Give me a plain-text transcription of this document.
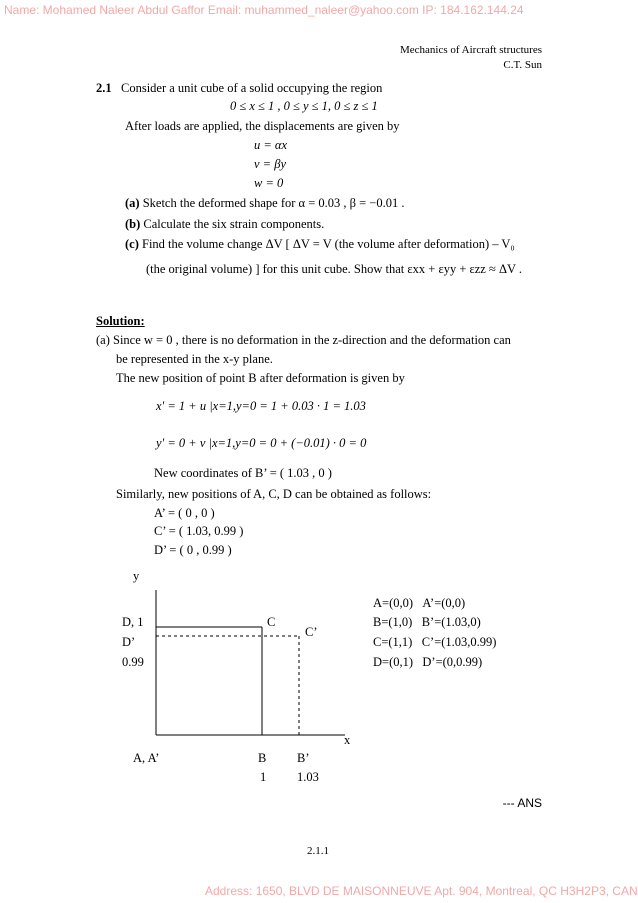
Name: Mohamed Naleer Abdul Gaffor Email: muhammed_naleer@yahoo.com IP: 184.162.144.24
Address: 1650, BLVD DE MAISONNEUVE Apt. 904, Montreal, QC H3H2P3, CAN
Mechanics of Aircraft structures
C.T. Sun
2.1 Consider a unit cube of a solid occupying the region
0 ≤ x ≤ 1 , 0 ≤ y ≤ 1, 0 ≤ z ≤ 1
After loads are applied, the displacements are given by
u = αx
v = βy
w = 0
(a) Sketch the deformed shape for α = 0.03 , β = −0.01 .
(b) Calculate the six strain components.
(c) Find the volume change ΔV [ ΔV = V (the volume after deformation) – V₀
(the original volume) ] for this unit cube. Show that εxx + εyy + εzz ≈ ΔV .
Solution:
(a) Since w = 0 , there is no deformation in the z-direction and the deformation can
be represented in the x-y plane.
The new position of point B after deformation is given by
x' = 1 + u |x=1,y=0 = 1 + 0.03 · 1 = 1.03
y' = 0 + v |x=1,y=0 = 0 + (−0.01) · 0 = 0
New coordinates of B’ = ( 1.03 , 0 )
Similarly, new positions of A, C, D can be obtained as follows:
A’ = ( 0 , 0 )
C’ = ( 1.03, 0.99 )
D’ = ( 0 , 0.99 )
y
x
D, 1
D’
0.99
C
C’
A, A’	B B’
1 1.03
A=(0,0) A’=(0,0)
B=(1,0) B’=(1.03,0)
C=(1,1) C’=(1.03,0.99)
D=(0,1) D’=(0,0.99)
--- ANS
2.1.1
